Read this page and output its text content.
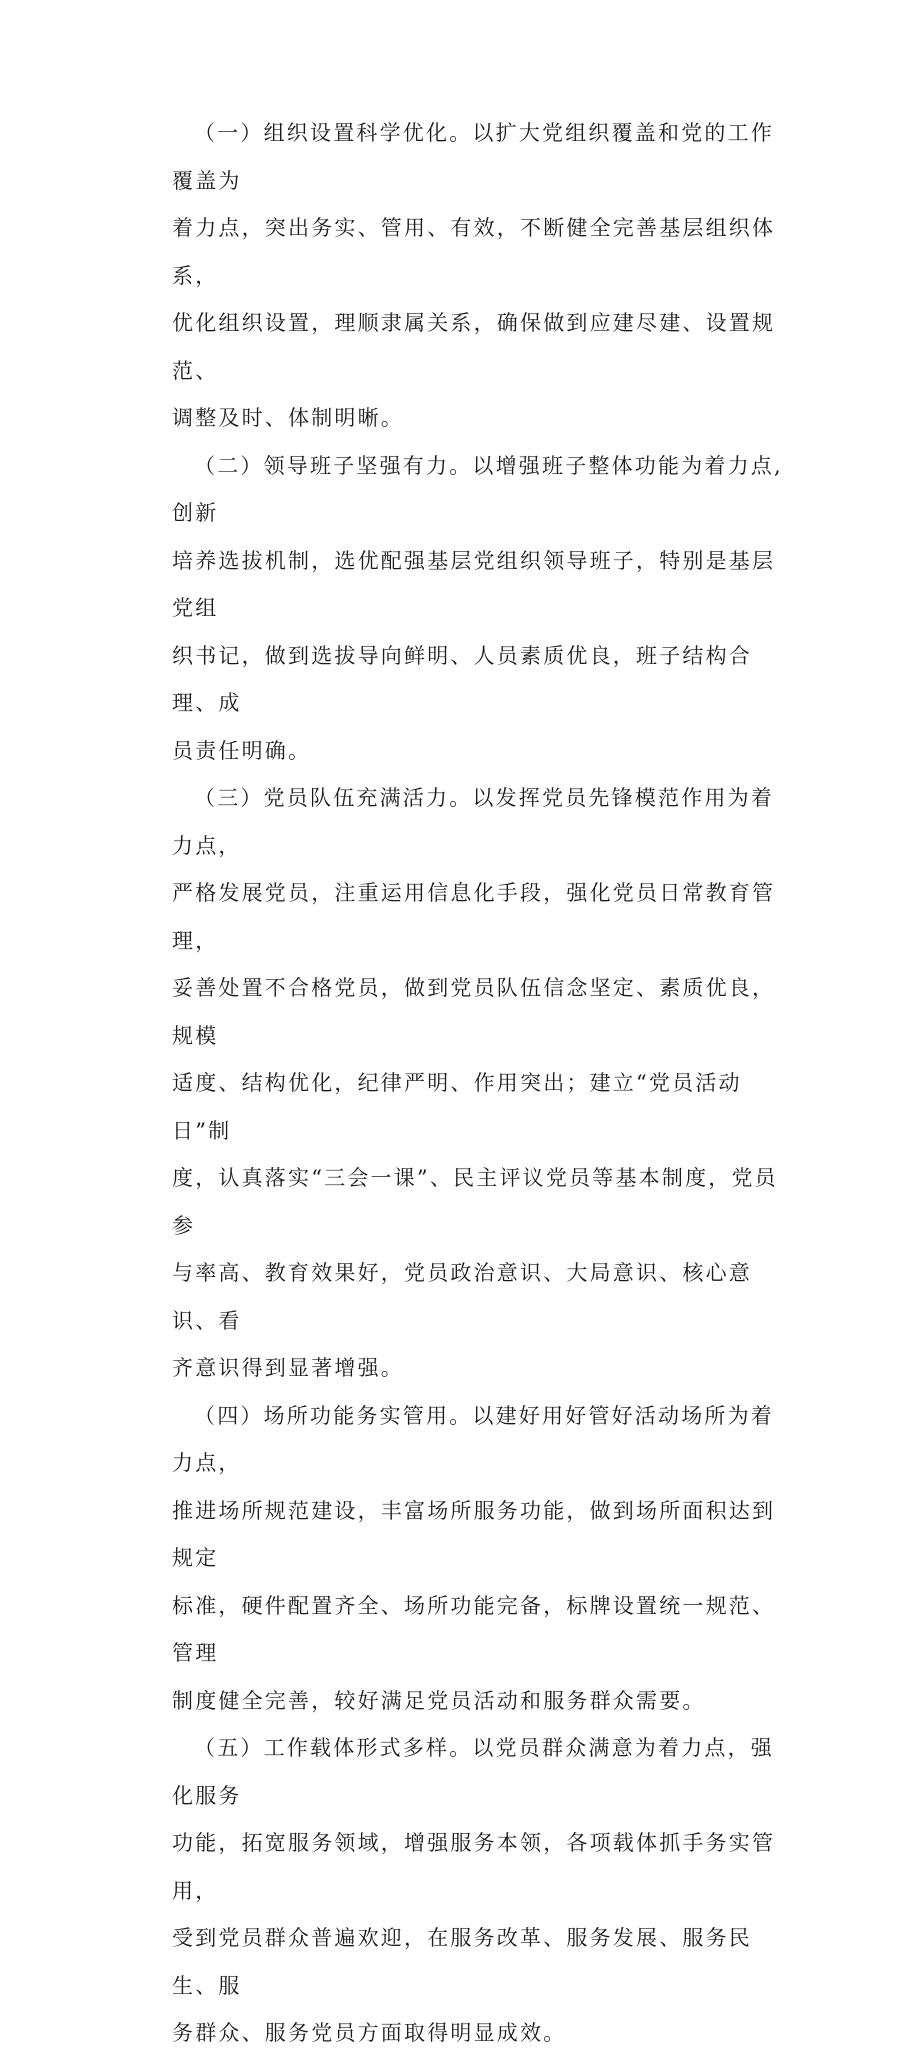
（一）组织设置科学优化。以扩大党组织覆盖和党的工作覆盖为
着力点，突出务实、管用、有效，不断健全完善基层组织体系，
优化组织设置，理顺隶属关系，确保做到应建尽建、设置规范、
调整及时、体制明晰。
（二）领导班子坚强有力。以增强班子整体功能为着力点,创新
培养选拔机制，选优配强基层党组织领导班子，特别是基层党组
织书记，做到选拔导向鲜明、人员素质优良，班子结构合理、成
员责任明确。
（三）党员队伍充满活力。以发挥党员先锋模范作用为着力点，
严格发展党员，注重运用信息化手段，强化党员日常教育管理，
妥善处置不合格党员，做到党员队伍信念坚定、素质优良，规模
适度、结构优化，纪律严明、作用突出；建立“党员活动日”制
度，认真落实“三会一课”、民主评议党员等基本制度，党员参
与率高、教育效果好，党员政治意识、大局意识、核心意识、看
齐意识得到显著增强。
（四）场所功能务实管用。以建好用好管好活动场所为着力点，
推进场所规范建设，丰富场所服务功能，做到场所面积达到规定
标准，硬件配置齐全、场所功能完备，标牌设置统一规范、管理
制度健全完善，较好满足党员活动和服务群众需要。
（五）工作载体形式多样。以党员群众满意为着力点，强化服务
功能，拓宽服务领域，增强服务本领，各项载体抓手务实管用，
受到党员群众普遍欢迎，在服务改革、服务发展、服务民生、服
务群众、服务党员方面取得明显成效。
